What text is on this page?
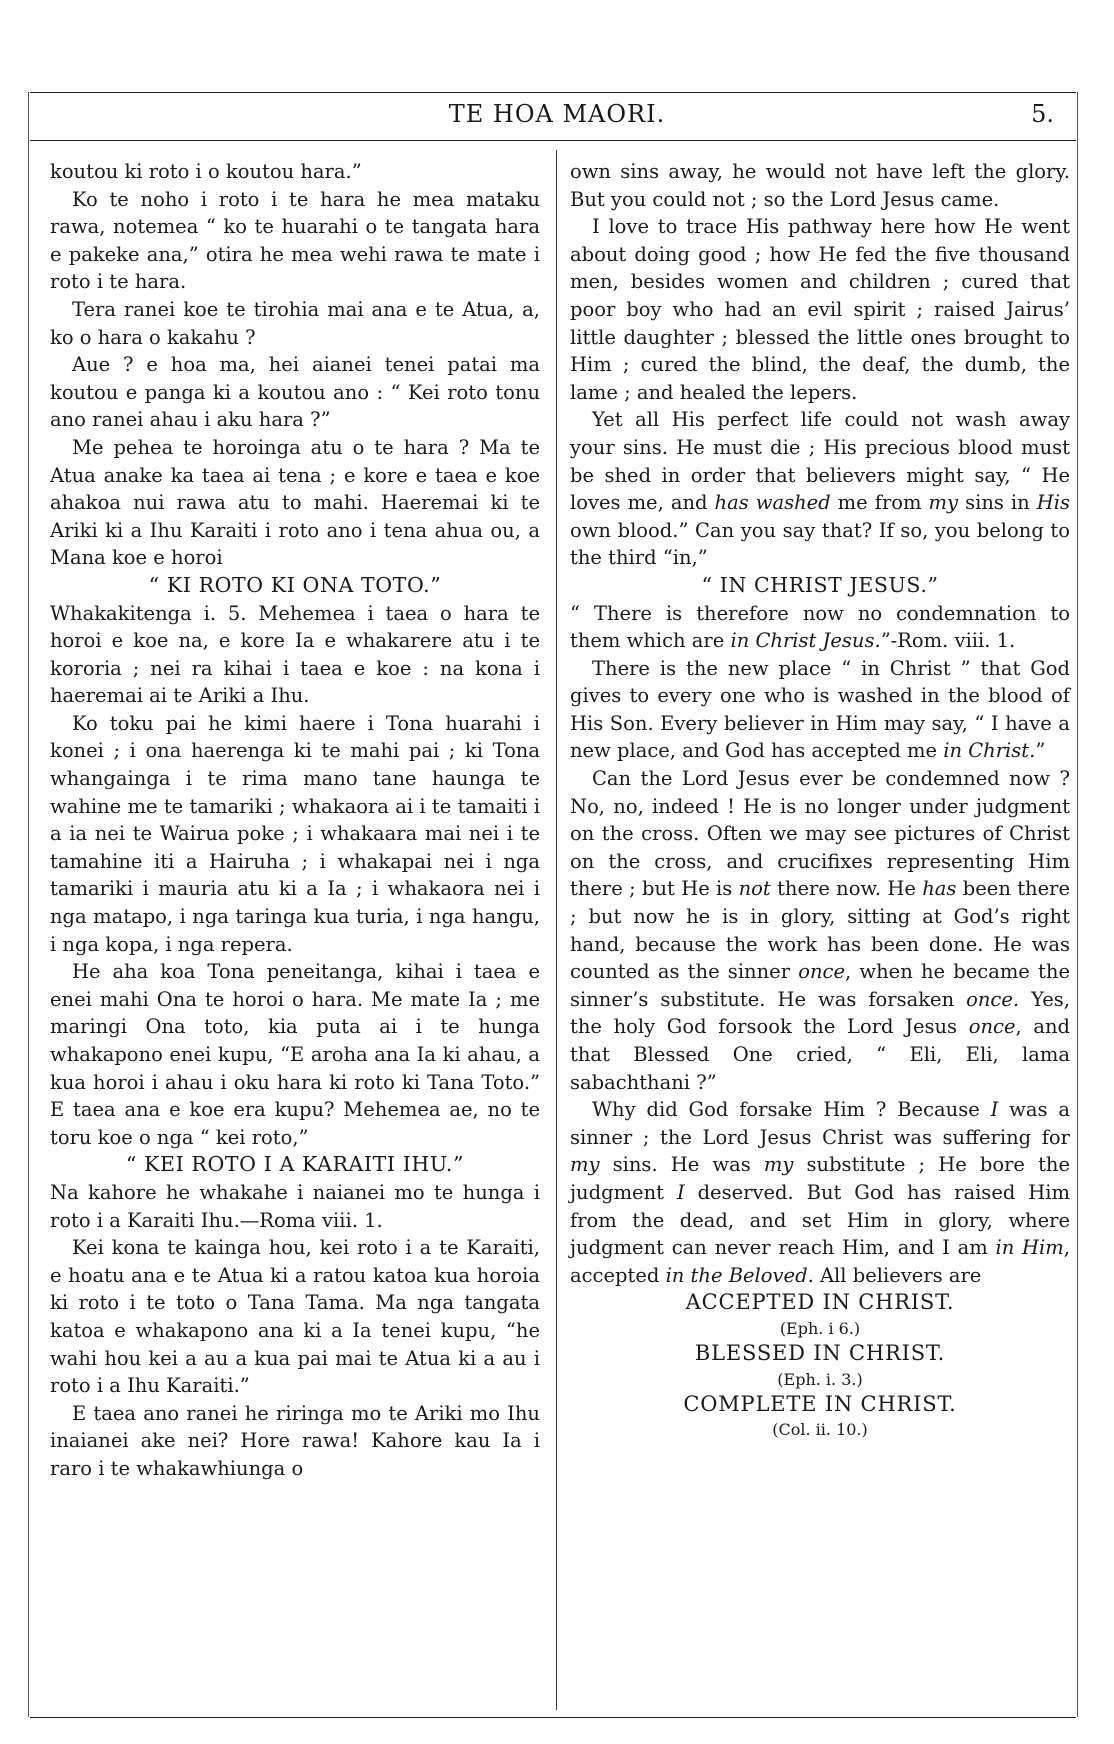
TE HOA MAORI.	5.

koutou ki roto i o koutou hara.”

Ko te noho i roto i te hara he mea mataku rawa, notemea “ ko te huarahi o te tangata hara e pakeke ana,” otira he mea wehi rawa te mate i roto i te hara.

Tera ranei koe te tirohia mai ana e te Atua, a, ko o hara o kakahu ?

Aue ? e hoa ma, hei aianei tenei patai ma koutou e panga ki a koutou ano : “ Kei roto tonu ano ranei ahau i aku hara ?”

Me pehea te horoinga atu o te hara ? Ma te Atua anake ka taea ai tena ; e kore e taea e koe ahakoa nui rawa atu to mahi. Haeremai ki te Ariki ki a Ihu Karaiti i roto ano i tena ahua ou, a Mana koe e horoi

“ KI ROTO KI ONA TOTO.”

Whakakitenga i. 5. Mehemea i taea o hara te horoi e koe na, e kore Ia e whakarere atu i te kororia ; nei ra kihai i taea e koe : na kona i haeremai ai te Ariki a Ihu.

Ko toku pai he kimi haere i Tona huarahi i konei ; i ona haerenga ki te mahi pai ; ki Tona whangainga i te rima mano tane haunga te wahine me te tamariki ; whakaora ai i te tamaiti i a ia nei te Wairua poke ; i whakaara mai nei i te tamahine iti a Hairuha ; i whakapai nei i nga tamariki i mauria atu ki a Ia ; i whakaora nei i nga matapo, i nga taringa kua turia, i nga hangu, i nga kopa, i nga repera.

He aha koa Tona peneitanga, kihai i taea e enei mahi Ona te horoi o hara. Me mate Ia ; me maringi Ona toto, kia puta ai i te hunga whakapono enei kupu, “E aroha ana Ia ki ahau, a kua horoi i ahau i oku hara ki roto ki Tana Toto.” E taea ana e koe era kupu? Mehemea ae, no te toru koe o nga “ kei roto,”

“ KEI ROTO I A KARAITI IHU.”

Na kahore he whakahe i naianei mo te hunga i roto i a Karaiti Ihu.—Roma viii. 1.

Kei kona te kainga hou, kei roto i a te Karaiti, e hoatu ana e te Atua ki a ratou katoa kua horoia ki roto i te toto o Tana Tama. Ma nga tangata katoa e whakapono ana ki a Ia tenei kupu, “he wahi hou kei a au a kua pai mai te Atua ki a au i roto i a Ihu Karaiti.”

E taea ano ranei he riringa mo te Ariki mo Ihu inaianei ake nei? Hore rawa! Kahore kau Ia i raro i te whakawhiunga o

own sins away, he would not have left the glory. But you could not ; so the Lord Jesus came.

I love to trace His pathway here how He went about doing good ; how He fed the five thousand men, besides women and children ; cured that poor boy who had an evil spirit ; raised Jairus’ little daughter ; blessed the little ones brought to Him ; cured the blind, the deaf, the dumb, the lame ; and healed the lepers.

Yet all His perfect life could not wash away your sins. He must die ; His precious blood must be shed in order that believers might say, “ He loves me, and has washed me from my sins in His own blood.” Can you say that? If so, you belong to the third “in,”

“ IN CHRIST JESUS.”

“ There is therefore now no condemnation to them which are in Christ Jesus.”-Rom. viii. 1.

There is the new place “ in Christ ” that God gives to every one who is washed in the blood of His Son. Every believer in Him may say, “ I have a new place, and God has accepted me in Christ.”

Can the Lord Jesus ever be condemned now ? No, no, indeed ! He is no longer under judgment on the cross. Often we may see pictures of Christ on the cross, and crucifixes representing Him there ; but He is not there now. He has been there ; but now he is in glory, sitting at God’s right hand, because the work has been done. He was counted as the sinner once, when he became the sinner’s substitute. He was forsaken once. Yes, the holy God forsook the Lord Jesus once, and that Blessed One cried, “ Eli, Eli, lama sabachthani ?”

Why did God forsake Him ? Because I was a sinner ; the Lord Jesus Christ was suffering for my sins. He was my substitute ; He bore the judgment I deserved. But God has raised Him from the dead, and set Him in glory, where judgment can never reach Him, and I am in Him, accepted in the Beloved. All believers are

ACCEPTED IN CHRIST.

(Eph. i 6.)

BLESSED IN CHRIST.

(Eph. i. 3.)

COMPLETE IN CHRIST.

(Col. ii. 10.)
